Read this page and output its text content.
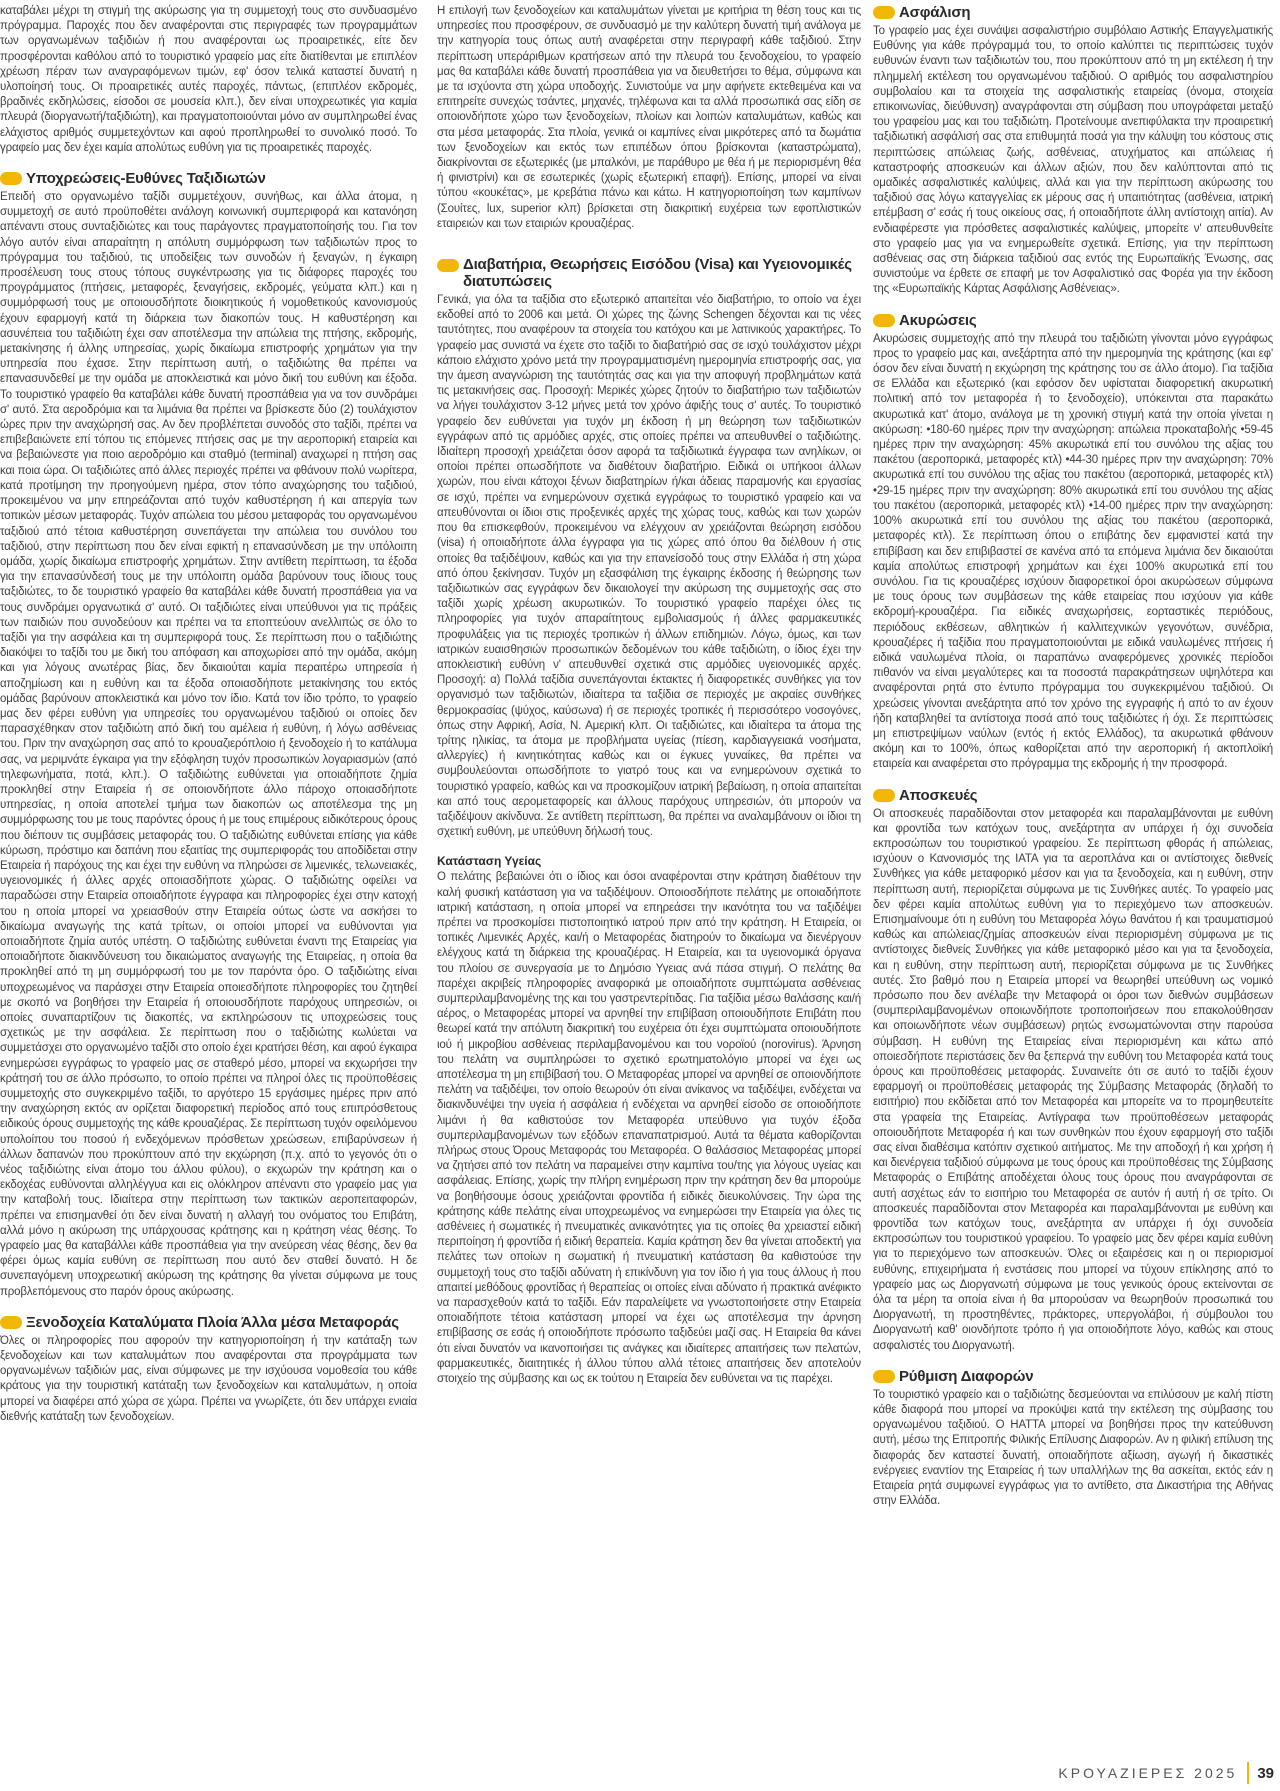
καταβάλει μέχρι τη στιγμή της ακύρωσης για τη συμμετοχή τους στο συνδυασμένο πρόγραμμα. Παροχές που δεν αναφέρονται στις περιγραφές των προγραμμάτων των οργανωμένων ταξιδιών ή που αναφέρονται ως προαιρετικές, είτε δεν προσφέρονται καθόλου από το τουριστικό γραφείο μας είτε διατίθενται με επιπλέον χρέωση πέραν των αναγραφόμενων τιμών, εφ' όσον τελικά καταστεί δυνατή η υλοποίησή τους. Οι προαιρετικές αυτές παροχές, πάντως, (επιπλέον εκδρομές, βραδινές εκδηλώσεις, είσοδοι σε μουσεία κλπ.), δεν είναι υποχρεωτικές για καμία πλευρά (διοργανωτή/ταξιδιώτη), και πραγματοποιούνται μόνο αν συμπληρωθεί ένας ελάχιστος αριθμός συμμετεχόντων και αφού προπληρωθεί το συνολικό ποσό. Το γραφείο μας δεν έχει καμία απολύτως ευθύνη για τις προαιρετικές παροχές.

Υποχρεώσεις-Ευθύνες Ταξιδιωτών

Επειδή στο οργανωμένο ταξίδι συμμετέχουν, συνήθως, και άλλα άτομα, η συμμετοχή σε αυτό προϋποθέτει ανάλογη κοινωνική συμπεριφορά και κατανόηση απέναντι στους συνταξιδιώτες και τους παράγοντες πραγματοποίησής του. Για τον λόγο αυτόν είναι απαραίτητη η απόλυτη συμμόρφωση των ταξιδιωτών προς το πρόγραμμα του ταξιδιού, τις υποδείξεις των συνοδών ή ξεναγών, η έγκαιρη προσέλευση τους στους τόπους συγκέντρωσης για τις διάφορες παροχές του προγράμματος (πτήσεις, μεταφορές, ξεναγήσεις, εκδρομές, γεύματα κλπ.) και η συμμόρφωσή τους με οποιουσδήποτε διοικητικούς ή νομοθετικούς κανονισμούς έχουν εφαρμογή κατά τη διάρκεια των διακοπών τους. Η καθυστέρηση και ασυνέπεια του ταξιδιώτη έχει σαν αποτέλεσμα την απώλεια της πτήσης, εκδρομής, μετακίνησης ή άλλης υπηρεσίας, χωρίς δικαίωμα επιστροφής χρημάτων για την υπηρεσία που έχασε. Στην περίπτωση αυτή, ο ταξιδιώτης θα πρέπει να επανασυνδεθεί με την ομάδα με αποκλειστικά και μόνο δική του ευθύνη και έξοδα. Το τουριστικό γραφείο θα καταβάλει κάθε δυνατή προσπάθεια για να τον συνδράμει σ' αυτό. Στα αεροδρόμια και τα λιμάνια θα πρέπει να βρίσκεστε δύο (2) τουλάχιστον ώρες πριν την αναχώρησή σας. Αν δεν προβλέπεται συνοδός στο ταξίδι, πρέπει να επιβεβαιώνετε επί τόπου τις επόμενες πτήσεις σας με την αεροπορική εταιρεία και να βεβαιώνεστε για ποιο αεροδρόμιο και σταθμό (terminal) αναχωρεί η πτήση σας και ποια ώρα. Οι ταξιδιώτες από άλλες περιοχές πρέπει να φθάνουν πολύ νωρίτερα, κατά προτίμηση την προηγούμενη ημέρα, στον τόπο αναχώρησης του ταξιδιού, προκειμένου να μην επηρεάζονται από τυχόν καθυστέρηση ή και απεργία των τοπικών μέσων μεταφοράς. Τυχόν απώλεια του μέσου μεταφοράς του οργανωμένου ταξιδιού από τέτοια καθυστέρηση συνεπάγεται την απώλεια του συνόλου του ταξιδιού, στην περίπτωση που δεν είναι εφικτή η επανασύνδεση με την υπόλοιπη ομάδα, χωρίς δικαίωμα επιστροφής χρημάτων. Στην αντίθετη περίπτωση, τα έξοδα για την επανασύνδεσή τους με την υπόλοιπη ομάδα βαρύνουν τους ίδιους τους ταξιδιώτες, το δε τουριστικό γραφείο θα καταβάλει κάθε δυνατή προσπάθεια για να τους συνδράμει οργανωτικά σ' αυτό. Οι ταξιδιώτες είναι υπεύθυνοι για τις πράξεις των παιδιών που συνοδεύουν και πρέπει να τα εποπτεύουν ανελλιπώς σε όλο το ταξίδι για την ασφάλεια και τη συμπεριφορά τους. Σε περίπτωση που ο ταξιδιώτης διακόψει το ταξίδι του με δική του απόφαση και αποχωρίσει από την ομάδα, ακόμη και για λόγους ανωτέρας βίας, δεν δικαιούται καμία περαιτέρω υπηρεσία ή αποζημίωση και η ευθύνη και τα έξοδα οποιασδήποτε μετακίνησης του εκτός ομάδας βαρύνουν αποκλειστικά και μόνο τον ίδιο. Κατά τον ίδιο τρόπο, το γραφείο μας δεν φέρει ευθύνη για υπηρεσίες του οργανωμένου ταξιδιού οι οποίες δεν παρασχέθηκαν στον ταξιδιώτη από δική του αμέλεια ή ευθύνη, ή λόγω ασθένειας του. Πριν την αναχώρηση σας από το κρουαζιερόπλοιο ή ξενοδοχείο ή το κατάλυμα σας, να μεριμνάτε έγκαιρα για την εξόφληση τυχόν προσωπικών λογαριασμών (από τηλεφωνήματα, ποτά, κλπ.). Ο ταξιδιώτης ευθύνεται για οποιαδήποτε ζημία προκληθεί στην Εταιρεία ή σε οποιονδήποτε άλλο πάροχο οποιασδήποτε υπηρεσίας, η οποία αποτελεί τμήμα των διακοπών ως αποτέλεσμα της μη συμμόρφωσης του με τους παρόντες όρους ή με τους επιμέρους ειδικότερους όρους που διέπουν τις συμβάσεις μεταφοράς του. Ο ταξιδιώτης ευθύνεται επίσης για κάθε κύρωση, πρόστιμο και δαπάνη που εξαιτίας της συμπεριφοράς του αποδίδεται στην Εταιρεία ή παρόχους της και έχει την ευθύνη να πληρώσει σε λιμενικές, τελωνειακές, υγειονομικές ή άλλες αρχές οποιασδήποτε χώρας. Ο ταξιδιώτης οφείλει να παραδώσει στην Εταιρεία οποιαδήποτε έγγραφα και πληροφορίες έχει στην κατοχή του η οποία μπορεί να χρειασθούν στην Εταιρεία ούτως ώστε να ασκήσει το δικαίωμα αναγωγής της κατά τρίτων, οι οποίοι μπορεί να ευθύνονται για οποιαδήποτε ζημία αυτός υπέστη. Ο ταξιδιώτης ευθύνεται έναντι της Εταιρείας για οποιαδήποτε διακινδύνευση του δικαιώματος αναγωγής της Εταιρείας, η οποία θα προκληθεί από τη μη συμμόρφωσή του με τον παρόντα όρο. Ο ταξιδιώτης είναι υποχρεωμένος να παράσχει στην Εταιρεία οποιεσδήποτε πληροφορίες του ζητηθεί με σκοπό να βοηθήσει την Εταιρεία ή οποιουσδήποτε παρόχους υπηρεσιών, οι οποίες συναπαρτίζουν τις διακοπές, να εκπληρώσουν τις υποχρεώσεις τους σχετικώς με την ασφάλεια. Σε περίπτωση που ο ταξιδιώτης κωλύεται να συμμετάσχει στο οργανωμένο ταξίδι στο οποίο έχει κρατήσει θέση, και αφού έγκαιρα ενημερώσει εγγράφως το γραφείο μας σε σταθερό μέσο, μπορεί να εκχωρήσει την κράτησή του σε άλλο πρόσωπο, το οποίο πρέπει να πληροί όλες τις προϋποθέσεις συμμετοχής στο συγκεκριμένο ταξίδι, το αργότερο 15 εργάσιμες ημέρες πριν από την αναχώρηση εκτός αν ορίζεται διαφορετική περίοδος από τους επιπρόσθετους ειδικούς όρους συμμετοχής της κάθε κρουαζιέρας. Σε περίπτωση τυχόν οφειλόμενου υπολοίπου του ποσού ή ενδεχόμενων πρόσθετων χρεώσεων, επιβαρύνσεων ή άλλων δαπανών που προκύπτουν από την εκχώρηση (π.χ. από το γεγονός ότι ο νέος ταξιδιώτης είναι άτομο του άλλου φύλου), ο εκχωρών την κράτηση και ο εκδοχέας ευθύνονται αλληλέγγυα και εις ολόκληρον απέναντι στο γραφείο μας για την καταβολή τους. Ιδιαίτερα στην περίπτωση των τακτικών αεροπειταφορών, πρέπει να επισημανθεί ότι δεν είναι δυνατή η αλλαγή του ονόματος του Επιβάτη, αλλά μόνο η ακύρωση της υπάρχουσας κράτησης και η κράτηση νέας θέσης. Το γραφείο μας θα καταβάλλει κάθε προσπάθεια για την ανεύρεση νέας θέσης, δεν θα φέρει όμως καμία ευθύνη σε περίπτωση που αυτό δεν σταθεί δυνατό. Η δε συνεπαγόμενη υποχρεωτική ακύρωση της κράτησης θα γίνεται σύμφωνα με τους προβλεπόμενους στο παρόν όρους ακύρωσης.

Ξενοδοχεία Καταλύματα Πλοία Άλλα μέσα Μεταφοράς

Όλες οι πληροφορίες που αφορούν την κατηγοριοποίηση ή την κατάταξη των ξενοδοχείων και των καταλυμάτων που αναφέρονται στα προγράμματα των οργανωμένων ταξιδιών μας, είναι σύμφωνες με την ισχύουσα νομοθεσία του κάθε κράτους για την τουριστική κατάταξη των ξενοδοχείων και καταλυμάτων, η οποία μπορεί να διαφέρει από χώρα σε χώρα. Πρέπει να γνωρίζετε, ότι δεν υπάρχει ενιαία διεθνής κατάταξη των ξενοδοχείων.

Η επιλογή των ξενοδοχείων και καταλυμάτων γίνεται με κριτήρια τη θέση τους και τις υπηρεσίες που προσφέρουν, σε συνδυασμό με την καλύτερη δυνατή τιμή ανάλογα με την κατηγορία τους όπως αυτή αναφέρεται στην περιγραφή κάθε ταξιδιού. Στην περίπτωση υπεράριθμων κρατήσεων από την πλευρά του ξενοδοχείου, το γραφείο μας θα καταβάλει κάθε δυνατή προσπάθεια για να διευθετήσει το θέμα, σύμφωνα και με τα ισχύοντα στη χώρα υποδοχής. Συνιστούμε να μην αφήνετε εκτεθειμένα και να επιτηρείτε συνεχώς τσάντες, μηχανές, τηλέφωνα και τα αλλά προσωπικά σας είδη σε οποιονδήποτε χώρο των ξενοδοχείων, πλοίων και λοιπών καταλυμάτων, καθώς και στα μέσα μεταφοράς. Στα πλοία, γενικά οι καμπίνες είναι μικρότερες από τα δωμάτια των ξενοδοχείων και εκτός των επιπέδων όπου βρίσκονται (καταστρώματα), διακρίνονται σε εξωτερικές (με μπαλκόνι, με παράθυρο με θέα ή με περιορισμένη θέα ή φινιστρίνι) και σε εσωτερικές (χωρίς εξωτερική επαφή). Επίσης, μπορεί να είναι τύπου «κουκέτας», με κρεβάτια πάνω και κάτω. Η κατηγοριοποίηση των καμπίνων (Σουίτες, lux, superior κλπ) βρίσκεται στη διακριτική ευχέρεια των εφοπλιστικών εταιρειών και των εταιριών κρουαζιέρας.

Διαβατήρια, Θεωρήσεις Εισόδου (Visa) και Υγειονομικές διατυπώσεις

Γενικά, για όλα τα ταξίδια στο εξωτερικό απαιτείται νέο διαβατήριο, το οποίο να έχει εκδοθεί από το 2006 και μετά. Οι χώρες της ζώνης Schengen δέχονται και τις νέες ταυτότητες, που αναφέρουν τα στοιχεία του κατόχου και με λατινικούς χαρακτήρες. Το γραφείο μας συνιστά να έχετε στο ταξίδι το διαβατήριό σας σε ισχύ τουλάχιστον μέχρι κάποιο ελάχιστο χρόνο μετά την προγραμματισμένη ημερομηνία επιστροφής σας, για την άμεση αναγνώριση της ταυτότητάς σας και για την αποφυγή προβλημάτων κατά τις μετακινήσεις σας. Προσοχή: Μερικές χώρες ζητούν το διαβατήριο των ταξιδιωτών να λήγει τουλάχιστον 3-12 μήνες μετά τον χρόνο άφιξής τους σ' αυτές. Το τουριστικό γραφείο δεν ευθύνεται για τυχόν μη έκδοση ή μη θεώρηση των ταξιδιωτικών εγγράφων από τις αρμόδιες αρχές, στις οποίες πρέπει να απευθυνθεί ο ταξιδιώτης. Ιδιαίτερη προσοχή χρειάζεται όσον αφορά τα ταξιδιωτικά έγγραφα των ανηλίκων, οι οποίοι πρέπει οπωσδήποτε να διαθέτουν διαβατήριο. Ειδικά οι υπήκοοι άλλων χωρών, που είναι κάτοχοι ξένων διαβατηρίων ή/και άδειας παραμονής και εργασίας σε ισχύ, πρέπει να ενημερώνουν σχετικά εγγράφως το τουριστικό γραφείο και να απευθύνονται οι ίδιοι στις προξενικές αρχές της χώρας τους, καθώς και των χωρών που θα επισκεφθούν, προκειμένου να ελέγχουν αν χρειάζονται θεώρηση εισόδου (visa) ή οποιαδήποτε άλλα έγγραφα για τις χώρες από όπου θα διέλθουν ή στις οποίες θα ταξιδέψουν, καθώς και για την επανείσοδό τους στην Ελλάδα ή στη χώρα από όπου ξεκίνησαν. Τυχόν μη εξασφάλιση της έγκαιρης έκδοσης ή θεώρησης των ταξιδιωτικών σας εγγράφων δεν δικαιολογεί την ακύρωση της συμμετοχής σας στο ταξίδι χωρίς χρέωση ακυρωτικών. Το τουριστικό γραφείο παρέχει όλες τις πληροφορίες για τυχόν απαραίτητους εμβολιασμούς ή άλλες φαρμακευτικές προφυλάξεις για τις περιοχές τροπικών ή άλλων επιδημιών. Λόγω, όμως, και των ιατρικών ευαισθησιών προσωπικών δεδομένων του κάθε ταξιδιώτη, ο ίδιος έχει την αποκλειστική ευθύνη ν' απευθυνθεί σχετικά στις αρμόδιες υγειονομικές αρχές. Προσοχή: α) Πολλά ταξίδια συνεπάγονται έκτακτες ή διαφορετικές συνθήκες για τον οργανισμό των ταξιδιωτών, ιδιαίτερα τα ταξίδια σε περιοχές με ακραίες συνθήκες θερμοκρασίας (ψύχος, καύσωνα) ή σε περιοχές τροπικές ή περισσότερο νοσογόνες, όπως στην Αφρική, Ασία, Ν. Αμερική κλπ. Οι ταξιδιώτες, και ιδιαίτερα τα άτομα της τρίτης ηλικίας, τα άτομα με προβλήματα υγείας (πίεση, καρδιαγγειακά νοσήματα, αλλεργίες) ή κινητικότητας καθώς και οι έγκυες γυναίκες, θα πρέπει να συμβουλεύονται οπωσδήποτε το γιατρό τους και να ενημερώνουν σχετικά το τουριστικό γραφείο, καθώς και να προσκομίζουν ιατρική βεβαίωση, η οποία απαιτείται και από τους αερομεταφορείς και άλλους παρόχους υπηρεσιών, ότι μπορούν να ταξιδέψουν ακίνδυνα. Σε αντίθετη περίπτωση, θα πρέπει να αναλαμβάνουν οι ίδιοι τη σχετική ευθύνη, με υπεύθυνη δήλωσή τους.

Κατάσταση Υγείας

Ο πελάτης βεβαιώνει ότι ο ίδιος και όσοι αναφέρονται στην κράτηση διαθέτουν την καλή φυσική κατάσταση για να ταξιδέψουν. Οποιοσδήποτε πελάτης με οποιαδήποτε ιατρική κατάσταση, η οποία μπορεί να επηρεάσει την ικανότητα του να ταξιδέψει πρέπει να προσκομίσει πιστοποιητικό ιατρού πριν από την κράτηση. Η Εταιρεία, οι τοπικές Λιμενικές Αρχές, και/ή ο Μεταφορέας διατηρούν το δικαίωμα να διενέργουν ελέγχους κατά τη διάρκεια της κρουαζιέρας. Η Εταιρεία, και τα υγειονομικά όργανα του πλοίου σε συνεργασία με το Δημόσιο Υγειας ανά πάσα στιγμή. Ο πελάτης θα παρέχει ακριβείς πληροφορίες αναφορικά με οποιαδήποτε συμπτώματα ασθένειας συμπεριλαμβανομένης της και του γαστρεντερίτιδας. Για ταξίδια μέσω θαλάσσης και/ή αέρος, ο Μεταφορέας μπορεί να αρνηθεί την επιβίβαση οποιουδήποτε Επιβάτη που θεωρεί κατά την απόλυτη διακριτική του ευχέρεια ότι έχει συμπτώματα οποιουδήποτε ιού ή μικροβίου ασθένειας περιλαμβανομένου και του νοροϊού (norovirus). Άρνηση του πελάτη να συμπληρώσει το σχετικό ερωτηματολόγιο μπορεί να έχει ως αποτέλεσμα τη μη επιβίβασή του. Ο Μεταφορέας μπορεί να αρνηθεί σε οποιονδήποτε πελάτη να ταξιδέψει, τον οποίο θεωρούν ότι είναι ανίκανος να ταξιδέψει, ενδέχεται να διακινδυνέψει την υγεία ή ασφάλεια ή ενδέχεται να αρνηθεί είσοδο σε οποιοδήποτε λιμάνι ή θα καθιστούσε τον Μεταφορέα υπεύθυνο για τυχόν έξοδα συμπεριλαμβανομένων των εξόδων επαναπατρισμού. Αυτά τα θέματα καθορίζονται πλήρως στους Όρους Μεταφοράς του Μεταφορέα. Ο θαλάσσιος Μεταφορέας μπορεί να ζητήσει από τον πελάτη να παραμείνει στην καμπίνα του/της για λόγους υγείας και ασφάλειας. Επίσης, χωρίς την πλήρη ενημέρωση πριν την κράτηση δεν θα μπορούμε να βοηθήσουμε όσους χρειάζονται φροντίδα ή ειδικές διευκολύνσεις. Την ώρα της κράτησης κάθε πελάτης είναι υποχρεωμένος να ενημερώσει την Εταιρεία για όλες τις ασθένειες ή σωματικές ή πνευματικές ανικανότητες για τις οποίες θα χρειαστεί ειδική περιποίηση ή φροντίδα ή ειδική θεραπεία. Καμία κράτηση δεν θα γίνεται αποδεκτή για πελάτες των οποίων η σωματική ή πνευματική κατάσταση θα καθιστούσε την συμμετοχή τους στο ταξίδι αδύνατη ή επικίνδυνη για τον ίδιο ή για τους άλλους ή που απαιτεί μεθόδους φροντίδας ή θεραπείας οι οποίες είναι αδύνατο ή πρακτικά ανέφικτο να παρασχεθούν κατά το ταξίδι. Εάν παραλείψετε να γνωστοποιήσετε στην Εταιρεία οποιαδήποτε τέτοια κατάσταση μπορεί να έχει ως αποτέλεσμα την άρνηση επιβίβασης σε εσάς ή οποιοδήποτε πρόσωπο ταξιδεύει μαζί σας. Η Εταιρεία θα κάνει ότι είναι δυνατόν να ικανοποιήσει τις ανάγκες και ιδιαίτερες απαιτήσεις των πελατών, φαρμακευτικές, διαιτητικές ή άλλου τύπου αλλά τέτοιες απαιτήσεις δεν αποτελούν στοιχείο της σύμβασης και ως εκ τούτου η Εταιρεία δεν ευθύνεται να τις παρέχει.

Ασφάλιση

Το γραφείο μας έχει συνάψει ασφαλιστήριο συμβόλαιο Αστικής Επαγγελματικής Ευθύνης για κάθε πρόγραμμά του, το οποίο καλύπτει τις περιπτώσεις τυχόν ευθυνών έναντι των ταξιδιωτών του, που προκύπτουν από τη μη εκτέλεση ή την πλημμελή εκτέλεση του οργανωμένου ταξιδιού. Ο αριθμός του ασφαλιστηρίου συμβολαίου και τα στοιχεία της ασφαλιστικής εταιρείας (όνομα, στοιχεία επικοινωνίας, διεύθυνση) αναγράφονται στη σύμβαση που υπογράφεται μεταξύ του γραφείου μας και του ταξιδιώτη. Προτείνουμε ανεπιφύλακτα την προαιρετική ταξιδιωτική ασφάλισή σας στα επιθυμητά ποσά για την κάλυψη του κόστους στις περιπτώσεις απώλειας ζωής, ασθένειας, ατυχήματος και απώλειας ή καταστροφής αποσκευών και άλλων αξιών, που δεν καλύπτονται από τις ομαδικές ασφαλιστικές καλύψεις, αλλά και για την περίπτωση ακύρωσης του ταξιδιού σας λόγω καταγγελίας εκ μέρους σας ή υπαιτιότητας (ασθένεια, ιατρική επέμβαση σ' εσάς ή τους οικείους σας, ή οποιαδήποτε άλλη αντίστοιχη αιτία). Αν ενδιαφέρεστε για πρόσθετες ασφαλιστικές καλύψεις, μπορείτε ν' απευθυνθείτε στο γραφείο μας για να ενημερωθείτε σχετικά. Επίσης, για την περίπτωση ασθένειας σας στη διάρκεια ταξιδιού σας εντός της Ευρωπαϊκής Ένωσης, σας συνιστούμε να έρθετε σε επαφή με τον Ασφαλιστικό σας Φορέα για την έκδοση της «Ευρωπαϊκής Κάρτας Ασφάλισης Ασθένειας».

Ακυρώσεις

Ακυρώσεις συμμετοχής από την πλευρά του ταξιδιώτη γίνονται μόνο εγγράφως προς το γραφείο μας και, ανεξάρτητα από την ημερομηνία της κράτησης (και εφ' όσον δεν είναι δυνατή η εκχώρηση της κράτησης του σε άλλο άτομο). Για ταξίδια σε Ελλάδα και εξωτερικό (και εφόσον δεν υφίσταται διαφορετική ακυρωτική πολιτική από τον μεταφορέα ή το ξενοδοχείο), υπόκεινται στα παρακάτω ακυρωτικά κατ' άτομο, ανάλογα με τη χρονική στιγμή κατά την οποία γίνεται η ακύρωση: •180-60 ημέρες πριν την αναχώρηση: απώλεια προκαταβολής •59-45 ημέρες πριν την αναχώρηση: 45% ακυρωτικά επί του συνόλου της αξίας του πακέτου (αεροπορικά, μεταφορές κτλ) •44-30 ημέρες πριν την αναχώρηση: 70% ακυρωτικά επί του συνόλου της αξίας του πακέτου (αεροπορικά, μεταφορές κτλ) •29-15 ημέρες πριν την αναχώρηση: 80% ακυρωτικά επί του συνόλου της αξίας του πακέτου (αεροπορικά, μεταφορές κτλ) •14-00 ημέρες πριν την αναχώρηση: 100% ακυρωτικά επί του συνόλου της αξίας του πακέτου (αεροπορικά, μεταφορές κτλ). Σε περίπτωση όπου ο επιβάτης δεν εμφανιστεί κατά την επιβίβαση και δεν επιβιβαστεί σε κανένα από τα επόμενα λιμάνια δεν δικαιούται καμία απολύτως επιστροφή χρημάτων και έχει 100% ακυρωτικά επί του συνόλου. Για τις κρουαζιέρες ισχύουν διαφορετικοί όροι ακυρώσεων σύμφωνα με τους όρους των συμβάσεων της κάθε εταιρείας που ισχύουν για κάθε εκδρομή-κρουαζιέρα. Για ειδικές αναχωρήσεις, εορταστικές περιόδους, περιόδους εκθέσεων, αθλητικών ή καλλιτεχνικών γεγονότων, συνέδρια, κρουαζιέρες ή ταξίδια που πραγματοποιούνται με ειδικά ναυλωμένες πτήσεις ή ειδικά ναυλωμένα πλοία, οι παραπάνω αναφερόμενες χρονικές περίοδοι πιθανόν να είναι μεγαλύτερες και τα ποσοστά παρακράτησεων υψηλότερα και αναφέρονται ρητά στο έντυπο πρόγραμμα του συγκεκριμένου ταξιδιού. Οι χρεώσεις γίνονται ανεξάρτητα από τον χρόνο της εγγραφής ή από το αν έχουν ήδη καταβληθεί τα αντίστοιχα ποσά από τους ταξιδιώτες ή όχι. Σε περιπτώσεις μη επιστρεψίμων ναύλων (εντός ή εκτός Ελλάδος), τα ακυρωτικά φθάνουν ακόμη και το 100%, όπως καθορίζεται από την αεροπορική ή ακτοπλοϊκή εταιρεία και αναφέρεται στο πρόγραμμα της εκδρομής ή την προσφορά.

Αποσκευές

Οι αποσκευές παραδίδονται στον μεταφορέα και παραλαμβάνονται με ευθύνη και φροντίδα των κατόχων τους, ανεξάρτητα αν υπάρχει ή όχι συνοδεία εκπροσώπων του τουριστικού γραφείου. Σε περίπτωση φθοράς ή απώλειας, ισχύουν ο Κανονισμός της ΙΑΤΑ για τα αεροπλάνα και οι αντίστοιχες διεθνείς Συνθήκες για κάθε μεταφορικό μέσον και για τα ξενοδοχεία, και η ευθύνη, στην περίπτωση αυτή, περιορίζεται σύμφωνα με τις Συνθήκες αυτές. Το γραφείο μας δεν φέρει καμία απολύτως ευθύνη για το περιεχόμενο των αποσκευών. Επισημαίνουμε ότι η ευθύνη του Μεταφορέα λόγω θανάτου ή και τραυματισμού καθώς και απώλειας/ζημίας αποσκευών είναι περιορισμένη σύμφωνα με τις αντίστοιχες διεθνείς Συνθήκες για κάθε μεταφορικό μέσο και για τα ξενοδοχεία, και η ευθύνη, στην περίπτωση αυτή, περιορίζεται σύμφωνα με τις Συνθήκες αυτές. Στο βαθμό που η Εταιρεία μπορεί να θεωρηθεί υπεύθυνη ως νομικό πρόσωπο που δεν ανέλαβε την Μεταφορά οι όροι των διεθνών συμβάσεων (συμπεριλαμβανομένων οποιωνδήποτε τροποποιήσεων που επακολούθησαν και οποιωνδήποτε νέων συμβάσεων) ρητώς ενσωματώνονται στην παρούσα σύμβαση. Η ευθύνη της Εταιρείας είναι περιορισμένη και κάτω από οποιεσδήποτε περιστάσεις δεν θα ξεπερνά την ευθύνη του Μεταφορέα κατά τους όρους και προϋποθέσεις μεταφοράς. Συναινείτε ότι σε αυτό το ταξίδι έχουν εφαρμογή οι προϋποθέσεις μεταφοράς της Σύμβασης Μεταφοράς (δηλαδή το εισιτήριο) που εκδίδεται από τον Μεταφορέα και μπορείτε να το προμηθευτείτε στα γραφεία της Εταιρείας. Αντίγραφα των προϋποθέσεων μεταφοράς οποιουδήποτε Μεταφορέα ή και των συνθηκών που έχουν εφαρμογή στο ταξίδι σας είναι διαθέσιμα κατόπιν σχετικού αιτήματος. Με την αποδοχή ή και χρήση ή και διενέργεια ταξιδιού σύμφωνα με τους όρους και προϋποθέσεις της Σύμβασης Μεταφοράς ο Επιβάτης αποδέχεται όλους τους όρους που αναγράφονται σε αυτή ασχέτως εάν το εισιτήριο του Μεταφορέα σε αυτόν ή αυτή ή σε τρίτο. Οι αποσκευές παραδίδονται στον Μεταφορέα και παραλαμβάνονται με ευθύνη και φροντίδα των κατόχων τους, ανεξάρτητα αν υπάρχει ή όχι συνοδεία εκπροσώπων του τουριστικού γραφείου. Το γραφείο μας δεν φέρει καμία ευθύνη για το περιεχόμενο των αποσκευών. Όλες οι εξαιρέσεις και η οι περιορισμοί ευθύνης, επιχειρήματα ή ενστάσεις που μπορεί να τύχουν επίκλησης από το γραφείο μας ως Διοργανωτή σύμφωνα με τους γενικούς όρους εκτείνονται σε όλα τα μέρη τα οποία είναι ή θα μπορούσαν να θεωρηθούν προσωπικά του Διοργανωτή, τη προστηθέντες, πράκτορες, υπεργολάβοι, ή σύμβουλοι του Διοργανωτή καθ' οιονδήποτε τρόπο ή για οποιοδήποτε λόγο, καθώς και στους ασφαλιστές του Διοργανωτή.

Ρύθμιση Διαφορών

Το τουριστικό γραφείο και ο ταξιδιώτης δεσμεύονται να επιλύσουν με καλή πίστη κάθε διαφορά που μπορεί να προκύψει κατά την εκτέλεση της σύμβασης του οργανωμένου ταξιδιού. Ο ΗΑΤΤΑ μπορεί να βοηθήσει προς την κατεύθυνση αυτή, μέσω της Επιτροπής Φιλικής Επίλυσης Διαφορών. Αν η φιλική επίλυση της διαφοράς δεν καταστεί δυνατή, οποιαδήποτε αξίωση, αγωγή ή δικαστικές ενέργειες εναντίον της Εταιρείας ή των υπαλλήλων της θα ασκείται, εκτός εάν η Εταιρεία ρητά συμφωνεί εγγράφως για το αντίθετο, στα Δικαστήρια της Αθήνας στην Ελλάδα.

ΚΡΟΥΑΖΙΕΡΕΣ 2025 39
